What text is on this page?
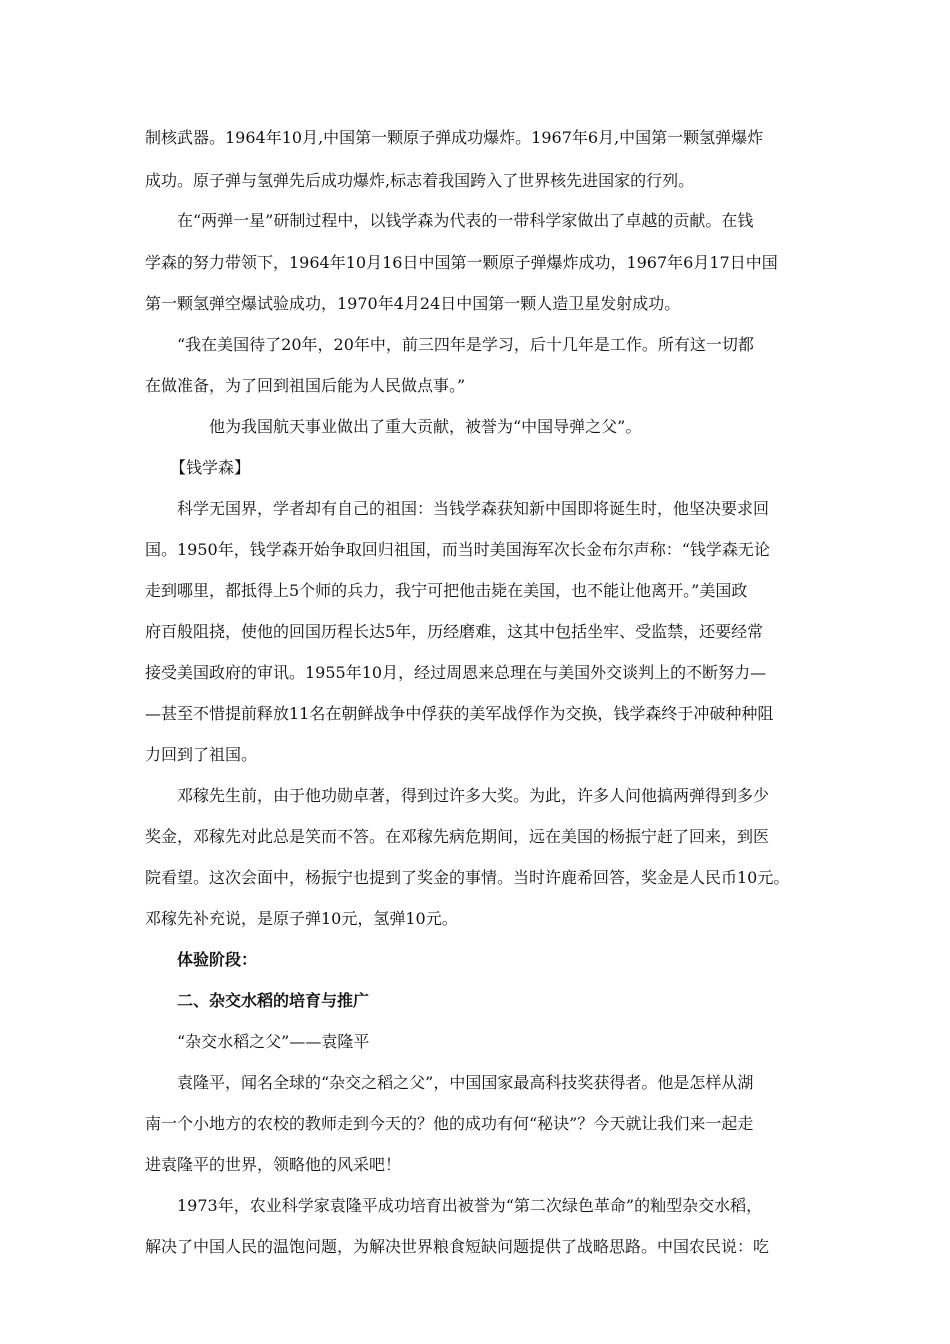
制核武器。1964年10月,中国第一颗原子弹成功爆炸。1967年6月,中国第一颗氢弹爆炸
成功。原子弹与氢弹先后成功爆炸,标志着我国跨入了世界核先进国家的行列。
在“两弹一星”研制过程中，以钱学森为代表的一带科学家做出了卓越的贡献。在钱
学森的努力带领下，1964年10月16日中国第一颗原子弹爆炸成功，1967年6月17日中国
第一颗氢弹空爆试验成功，1970年4月24日中国第一颗人造卫星发射成功。
“我在美国待了20年，20年中，前三四年是学习，后十几年是工作。所有这一切都
在做准备，为了回到祖国后能为人民做点事。”
他为我国航天事业做出了重大贡献，被誉为“中国导弹之父”。
【钱学森】
科学无国界，学者却有自己的祖国：当钱学森获知新中国即将诞生时，他坚决要求回
国。1950年，钱学森开始争取回归祖国，而当时美国海军次长金布尔声称：“钱学森无论
走到哪里，都抵得上5个师的兵力，我宁可把他击毙在美国，也不能让他离开。”美国政
府百般阻挠，使他的回国历程长达5年，历经磨难，这其中包括坐牢、受监禁，还要经常
接受美国政府的审讯。1955年10月，经过周恩来总理在与美国外交谈判上的不断努力—
—甚至不惜提前释放11名在朝鲜战争中俘获的美军战俘作为交换，钱学森终于冲破种种阻
力回到了祖国。
邓稼先生前，由于他功勋卓著，得到过许多大奖。为此，许多人问他搞两弹得到多少
奖金，邓稼先对此总是笑而不答。在邓稼先病危期间，远在美国的杨振宁赶了回来，到医
院看望。这次会面中，杨振宁也提到了奖金的事情。当时许鹿希回答，奖金是人民币10元。
邓稼先补充说，是原子弹10元，氢弹10元。
体验阶段：
二、杂交水稻的培育与推广
“杂交水稻之父”——袁隆平
袁隆平，闻名全球的“杂交之稻之父”，中国国家最高科技奖获得者。他是怎样从湖
南一个小地方的农校的教师走到今天的？他的成功有何“秘诀”？今天就让我们来一起走
进袁隆平的世界，领略他的风采吧！
1973年，农业科学家袁隆平成功培育出被誉为“第二次绿色革命”的籼型杂交水稻，
解决了中国人民的温饱问题，为解决世界粮食短缺问题提供了战略思路。中国农民说：吃
